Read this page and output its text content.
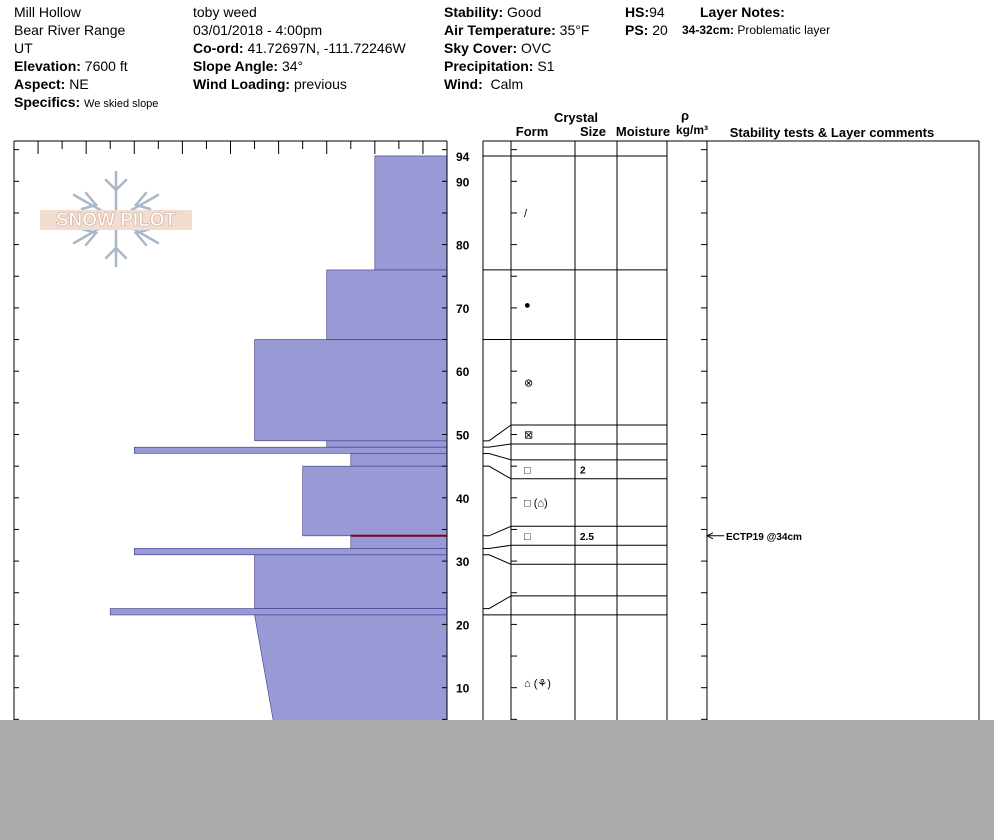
Mill Hollow
Bear River Range
UT
Elevation: 7600 ft
Aspect: NE
Specifics: We skied slope
toby weed
03/01/2018 - 4:00pm
Co-ord: 41.72697N, -111.72246W
Slope Angle: 34°
Wind Loading: previous
Stability: Good
Air Temperature: 35°F
Sky Cover: OVC
Precipitation: S1
Wind: Calm
HS:94
PS: 20
Layer Notes:
34-32cm: Problematic layer
SNOW PILOT
Crystal
Form Size Moisture
ρ
kg/m³ Stability tests & Layer comments
10
20
30
40
50
60
70
80
90
94
/
●
⊗
⊠
□	2
□ (⌂)
□	2.5
⌂ (⚘)
ECTP19 @34cm
